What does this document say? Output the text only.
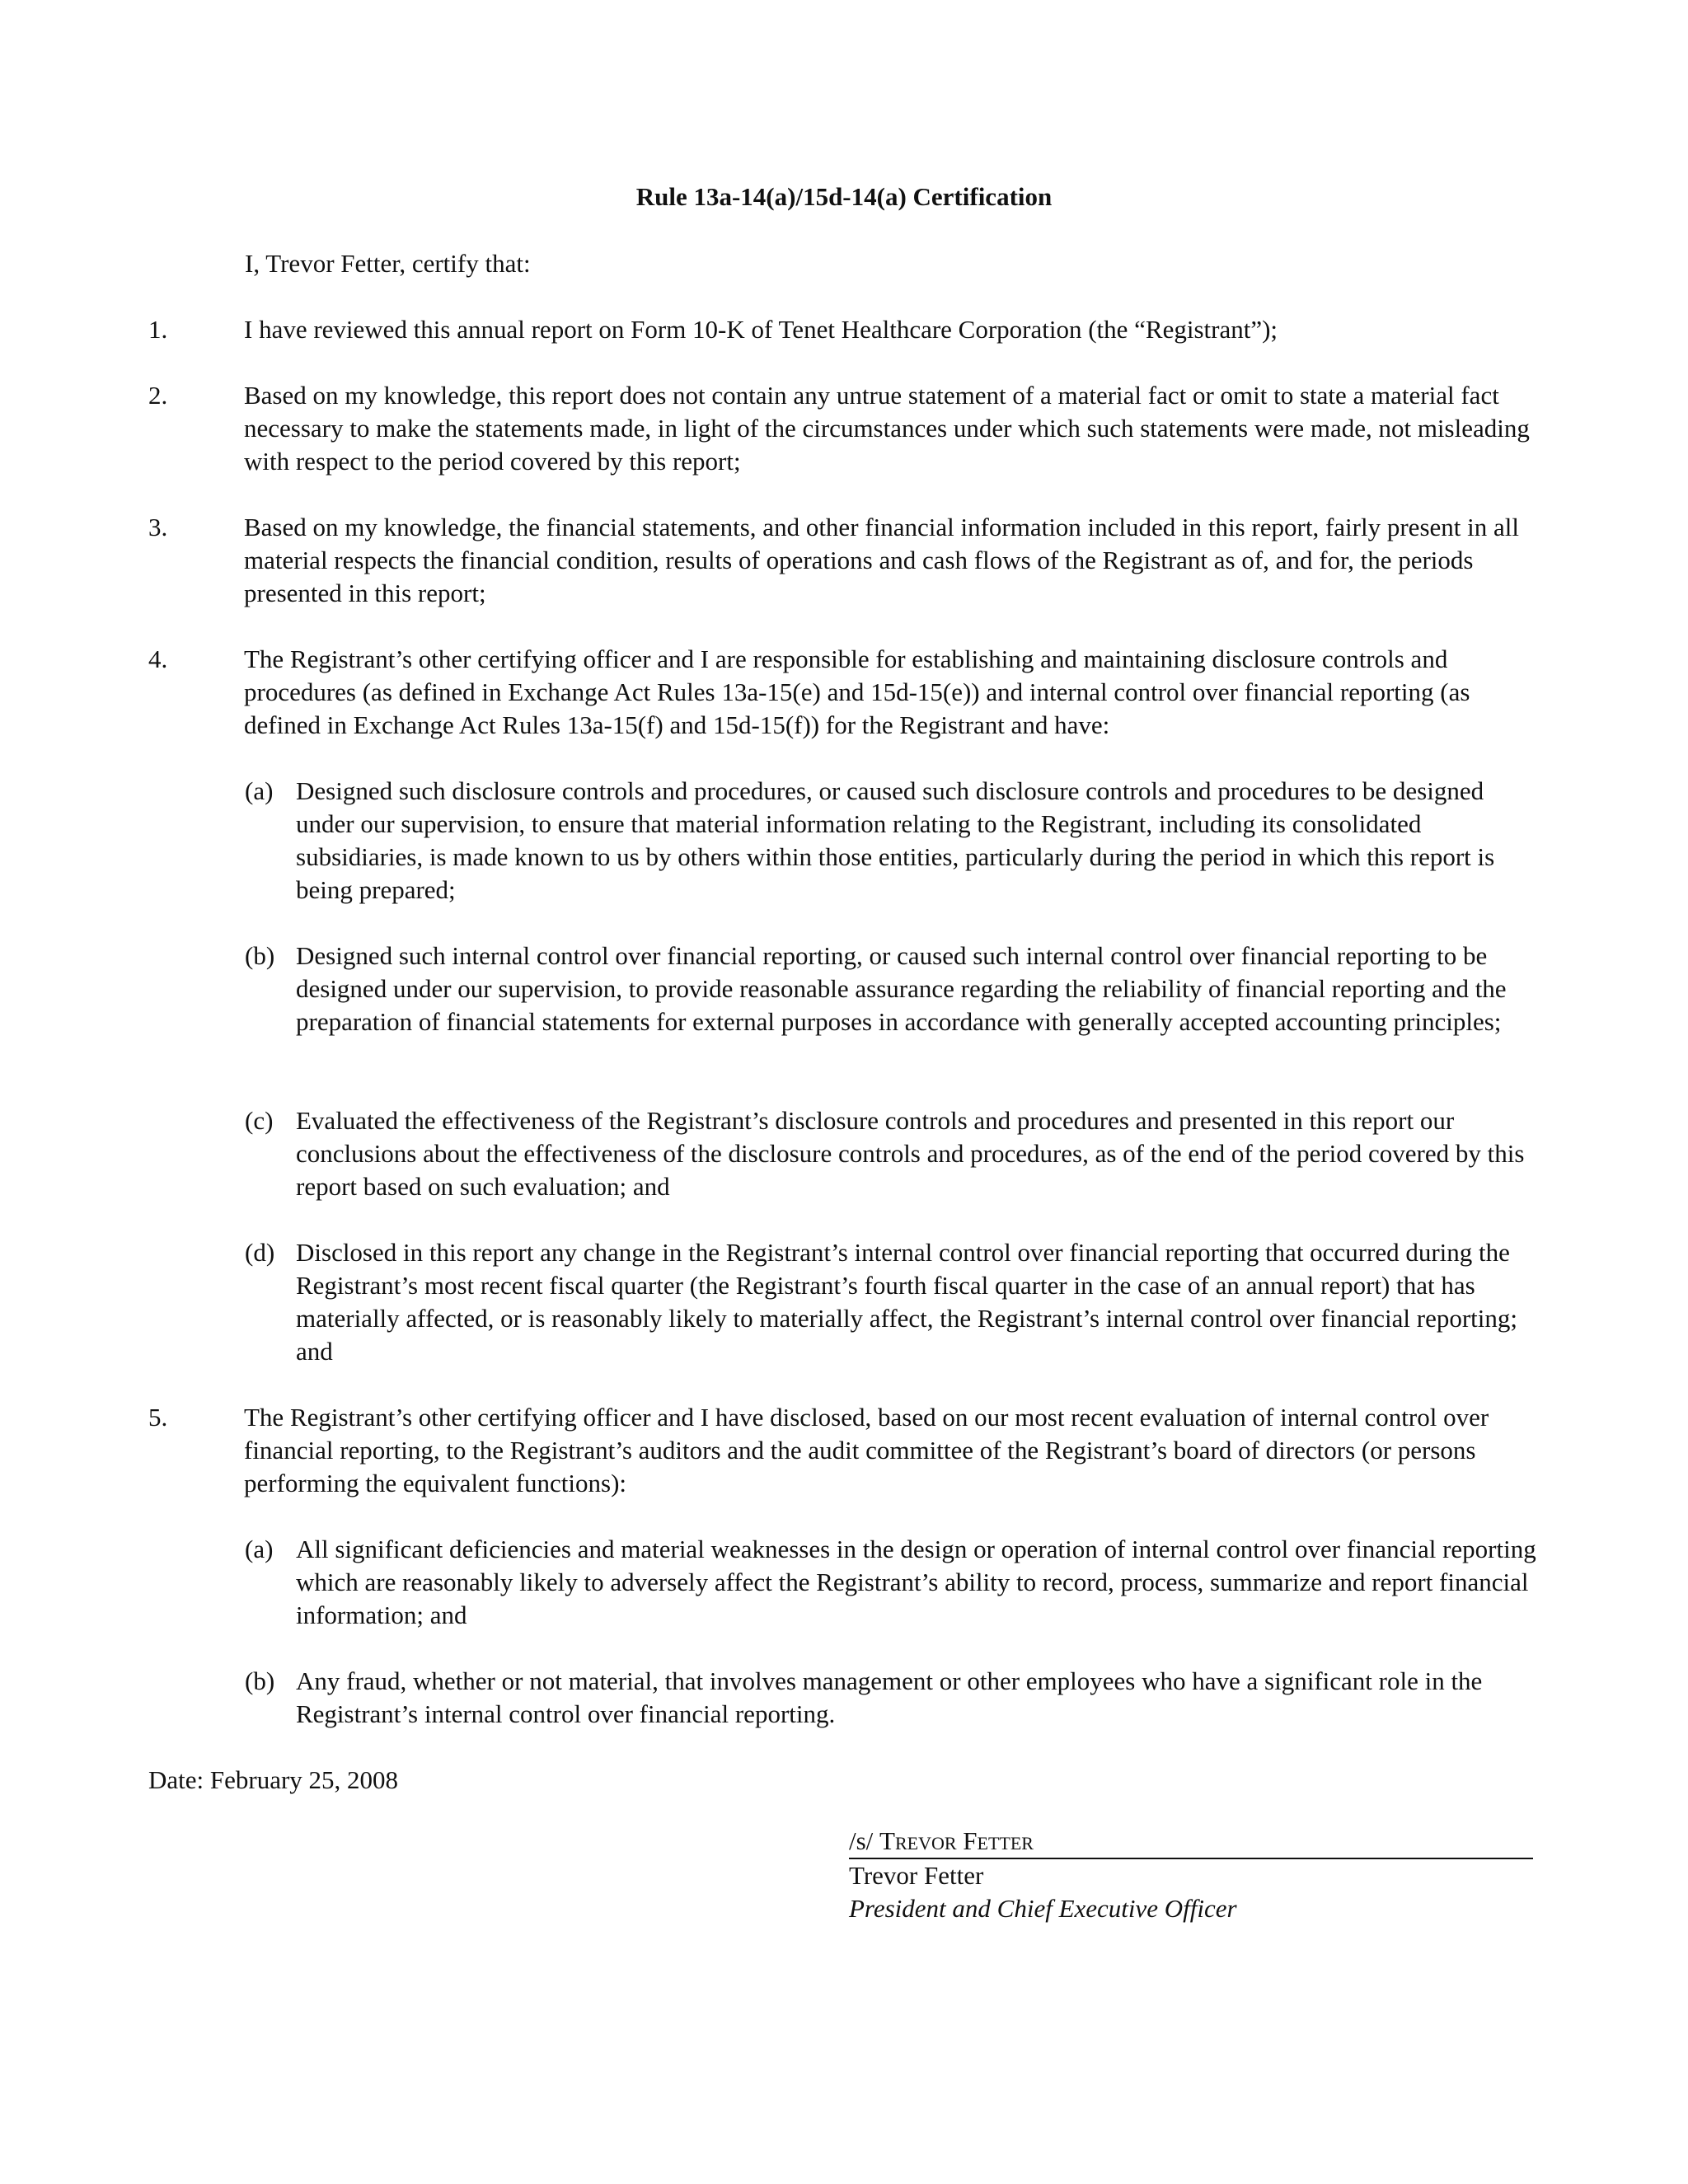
Rule 13a-14(a)/15d-14(a) Certification
I, Trevor Fetter, certify that:
1.	I have reviewed this annual report on Form 10-K of Tenet Healthcare Corporation (the “Registrant”);
2.	Based on my knowledge, this report does not contain any untrue statement of a material fact or omit to state a material fact necessary to make the statements made, in light of the circumstances under which such statements were made, not misleading with respect to the period covered by this report;
3.	Based on my knowledge, the financial statements, and other financial information included in this report, fairly present in all material respects the financial condition, results of operations and cash flows of the Registrant as of, and for, the periods presented in this report;
4.	The Registrant’s other certifying officer and I are responsible for establishing and maintaining disclosure controls and procedures (as defined in Exchange Act Rules 13a-15(e) and 15d-15(e)) and internal control over financial reporting (as defined in Exchange Act Rules 13a-15(f) and 15d-15(f)) for the Registrant and have:
(a) Designed such disclosure controls and procedures, or caused such disclosure controls and procedures to be designed under our supervision, to ensure that material information relating to the Registrant, including its consolidated subsidiaries, is made known to us by others within those entities, particularly during the period in which this report is being prepared;
(b) Designed such internal control over financial reporting, or caused such internal control over financial reporting to be designed under our supervision, to provide reasonable assurance regarding the reliability of financial reporting and the preparation of financial statements for external purposes in accordance with generally accepted accounting principles;
(c) Evaluated the effectiveness of the Registrant’s disclosure controls and procedures and presented in this report our conclusions about the effectiveness of the disclosure controls and procedures, as of the end of the period covered by this report based on such evaluation; and
(d) Disclosed in this report any change in the Registrant’s internal control over financial reporting that occurred during the Registrant’s most recent fiscal quarter (the Registrant’s fourth fiscal quarter in the case of an annual report) that has materially affected, or is reasonably likely to materially affect, the Registrant’s internal control over financial reporting; and
5.	The Registrant’s other certifying officer and I have disclosed, based on our most recent evaluation of internal control over financial reporting, to the Registrant’s auditors and the audit committee of the Registrant’s board of directors (or persons performing the equivalent functions):
(a) All significant deficiencies and material weaknesses in the design or operation of internal control over financial reporting which are reasonably likely to adversely affect the Registrant’s ability to record, process, summarize and report financial information; and
(b) Any fraud, whether or not material, that involves management or other employees who have a significant role in the Registrant’s internal control over financial reporting.
Date: February 25, 2008
/s/ Trevor Fetter
Trevor Fetter
President and Chief Executive Officer
